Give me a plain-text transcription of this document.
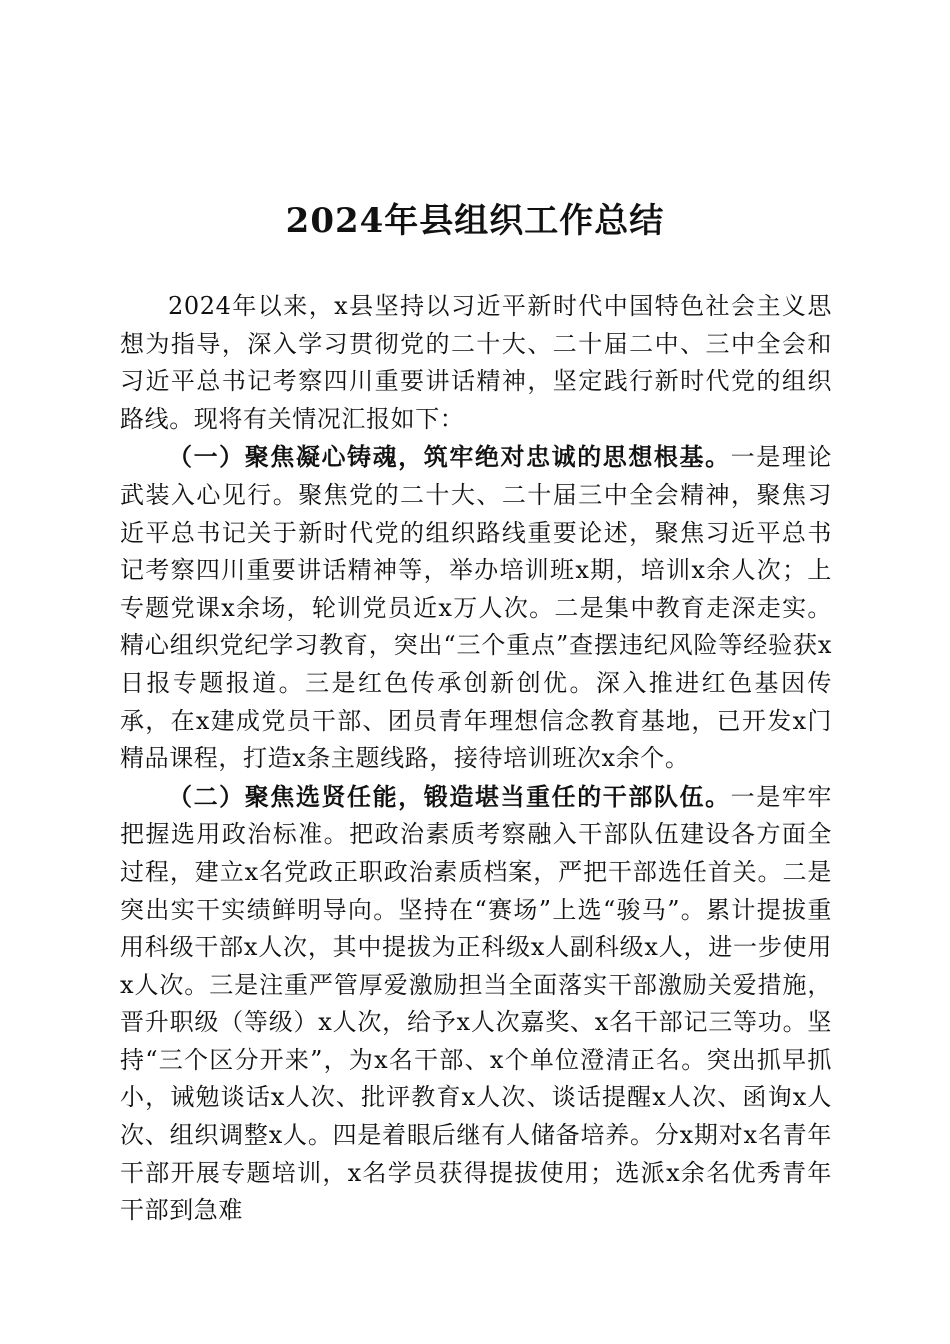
2024年县组织工作总结

2024年以来，x县坚持以习近平新时代中国特色社会主义思想为指导，深入学习贯彻党的二十大、二十届二中、三中全会和习近平总书记考察四川重要讲话精神，坚定践行新时代党的组织路线。现将有关情况汇报如下：

（一）聚焦凝心铸魂，筑牢绝对忠诚的思想根基。一是理论武装入心见行。聚焦党的二十大、二十届三中全会精神，聚焦习近平总书记关于新时代党的组织路线重要论述，聚焦习近平总书记考察四川重要讲话精神等，举办培训班x期，培训x余人次；上专题党课x余场，轮训党员近x万人次。二是集中教育走深走实。精心组织党纪学习教育，突出“三个重点”查摆违纪风险等经验获x日报专题报道。三是红色传承创新创优。深入推进红色基因传承，在x建成党员干部、团员青年理想信念教育基地，已开发x门精品课程，打造x条主题线路，接待培训班次x余个。

（二）聚焦选贤任能，锻造堪当重任的干部队伍。一是牢牢把握选用政治标准。把政治素质考察融入干部队伍建设各方面全过程，建立x名党政正职政治素质档案，严把干部选任首关。二是突出实干实绩鲜明导向。坚持在“赛场”上选“骏马”。累计提拔重用科级干部x人次，其中提拔为正科级x人副科级x人，进一步使用x人次。三是注重严管厚爱激励担当全面落实干部激励关爱措施，晋升职级（等级）x人次，给予x人次嘉奖、x名干部记三等功。坚持“三个区分开来”，为x名干部、x个单位澄清正名。突出抓早抓小，诫勉谈话x人次、批评教育x人次、谈话提醒x人次、函询x人次、组织调整x人。四是着眼后继有人储备培养。分x期对x名青年干部开展专题培训，x名学员获得提拔使用；选派x余名优秀青年干部到急难
